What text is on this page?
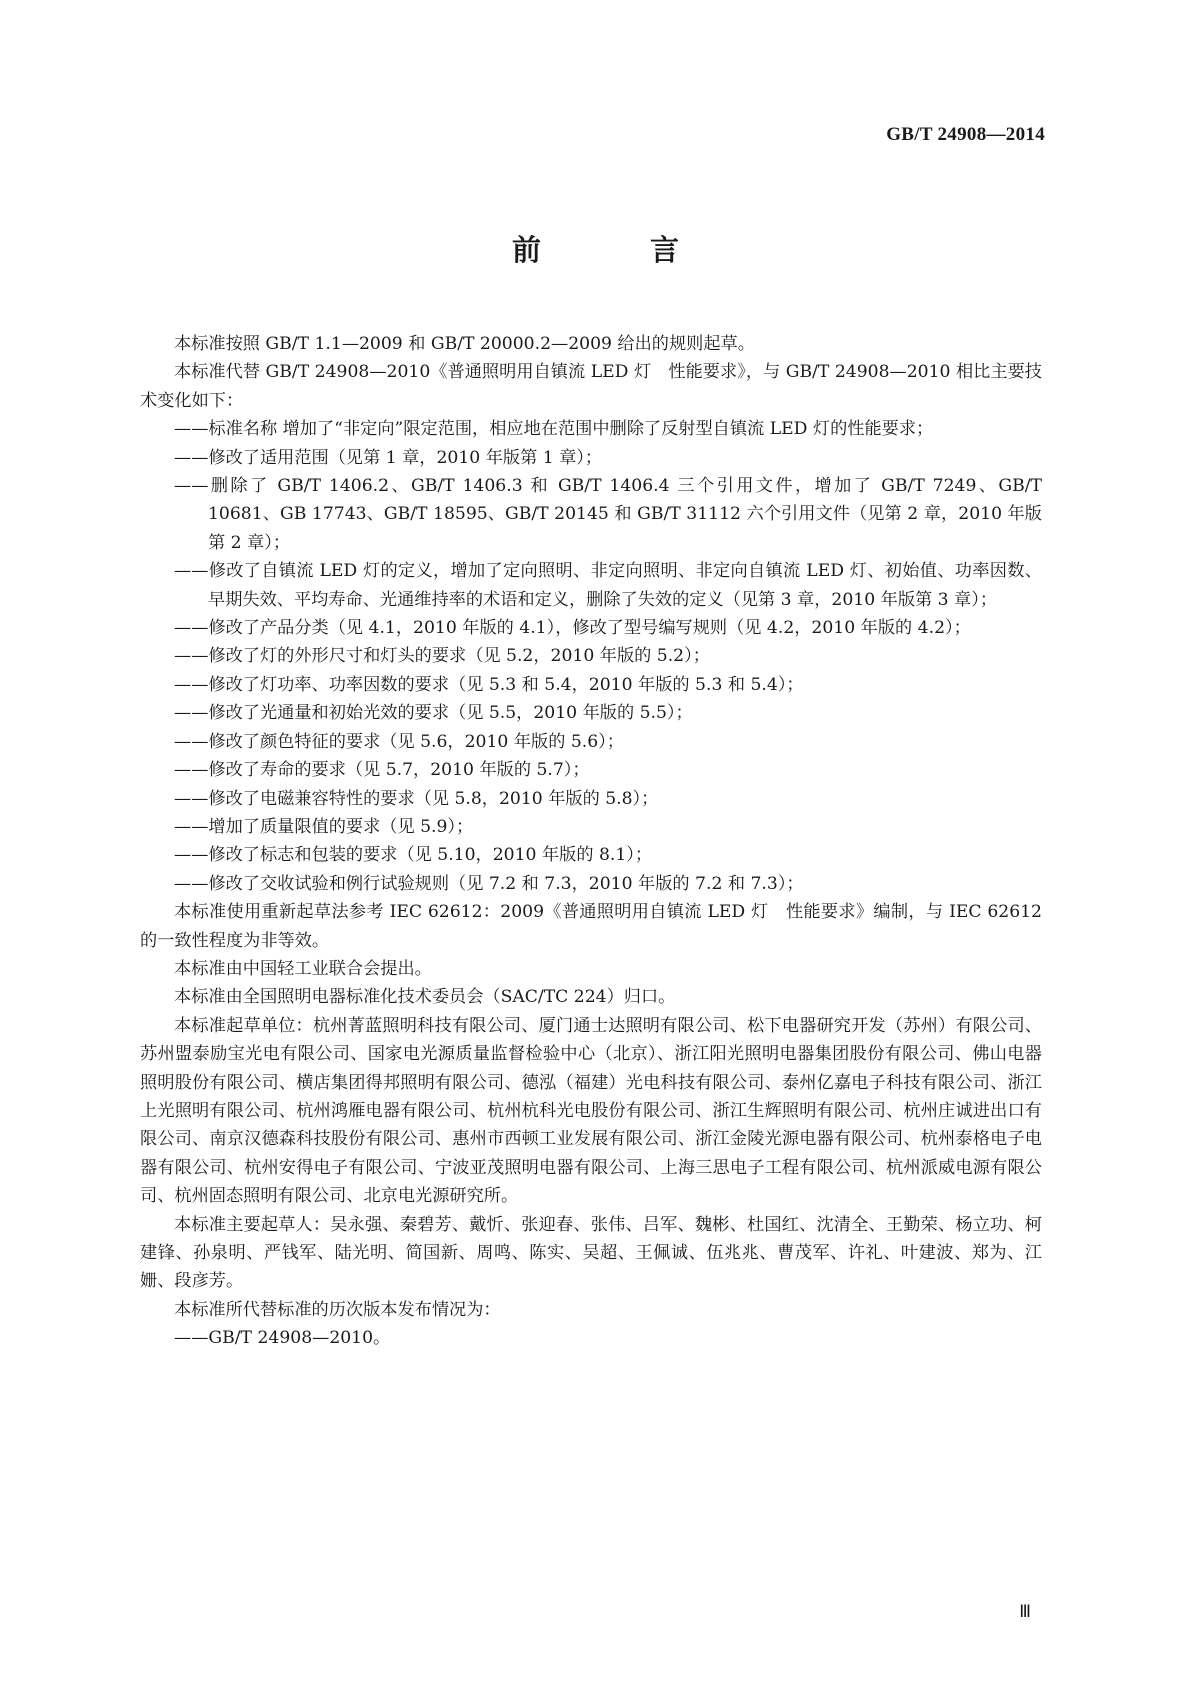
GB/T 24908—2014
前　言

本标准按照 GB/T 1.1—2009 和 GB/T 20000.2—2009 给出的规则起草。

本标准代替 GB/T 24908—2010《普通照明用自镇流 LED 灯　性能要求》，与 GB/T 24908—2010 相比主要技术变化如下：

——标准名称 增加了“非定向”限定范围，相应地在范围中删除了反射型自镇流 LED 灯的性能要求；

——修改了适用范围（见第 1 章，2010 年版第 1 章）；

——删除了 GB/T 1406.2、GB/T 1406.3 和 GB/T 1406.4 三个引用文件，增加了 GB/T 7249、GB/T 10681、GB 17743、GB/T 18595、GB/T 20145 和 GB/T 31112 六个引用文件（见第 2 章，2010 年版第 2 章）；

——修改了自镇流 LED 灯的定义，增加了定向照明、非定向照明、非定向自镇流 LED 灯、初始值、功率因数、早期失效、平均寿命、光通维持率的术语和定义，删除了失效的定义（见第 3 章，2010 年版第 3 章）；

——修改了产品分类（见 4.1，2010 年版的 4.1），修改了型号编写规则（见 4.2，2010 年版的 4.2）；

——修改了灯的外形尺寸和灯头的要求（见 5.2，2010 年版的 5.2）；

——修改了灯功率、功率因数的要求（见 5.3 和 5.4，2010 年版的 5.3 和 5.4）；

——修改了光通量和初始光效的要求（见 5.5，2010 年版的 5.5）；

——修改了颜色特征的要求（见 5.6，2010 年版的 5.6）；

——修改了寿命的要求（见 5.7，2010 年版的 5.7）；

——修改了电磁兼容特性的要求（见 5.8，2010 年版的 5.8）；

——增加了质量限值的要求（见 5.9）；

——修改了标志和包装的要求（见 5.10，2010 年版的 8.1）；

——修改了交收试验和例行试验规则（见 7.2 和 7.3，2010 年版的 7.2 和 7.3）；

本标准使用重新起草法参考 IEC 62612：2009《普通照明用自镇流 LED 灯　性能要求》编制，与 IEC 62612的一致性程度为非等效。

本标准由中国轻工业联合会提出。

本标准由全国照明电器标准化技术委员会（SAC/TC 224）归口。

本标准起草单位：杭州菁蓝照明科技有限公司、厦门通士达照明有限公司、松下电器研究开发（苏州）有限公司、苏州盟泰励宝光电有限公司、国家电光源质量监督检验中心（北京）、浙江阳光照明电器集团股份有限公司、佛山电器照明股份有限公司、横店集团得邦照明有限公司、德泓（福建）光电科技有限公司、泰州亿嘉电子科技有限公司、浙江上光照明有限公司、杭州鸿雁电器有限公司、杭州杭科光电股份有限公司、浙江生辉照明有限公司、杭州庄诚进出口有限公司、南京汉德森科技股份有限公司、惠州市西顿工业发展有限公司、浙江金陵光源电器有限公司、杭州泰格电子电器有限公司、杭州安得电子有限公司、宁波亚茂照明电器有限公司、上海三思电子工程有限公司、杭州派威电源有限公司、杭州固态照明有限公司、北京电光源研究所。

本标准主要起草人：吴永强、秦碧芳、戴忻、张迎春、张伟、吕军、魏彬、杜国红、沈清全、王勤荣、杨立功、柯建锋、孙泉明、严钱军、陆光明、简国新、周鸣、陈实、吴超、王佩诚、伍兆兆、曹茂军、许礼、叶建波、郑为、江姗、段彦芳。

本标准所代替标准的历次版本发布情况为：

——GB/T 24908—2010。

Ⅲ
